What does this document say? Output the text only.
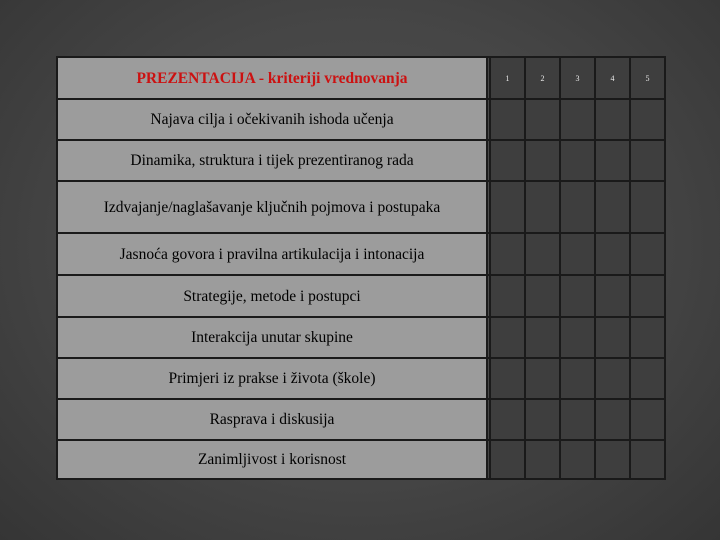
PREZENTACIJA - kriteriji vrednovanja		1	2	3	4	5
Najava cilja i očekivanih ishoda učenja						
Dinamika, struktura i tijek prezentiranog rada						
Izdvajanje/naglašavanje ključnih pojmova i postupaka						
Jasnoća govora i pravilna artikulacija i intonacija						
Strategije, metode i postupci						
Interakcija unutar skupine						
Primjeri iz prakse i života (škole)						
Rasprava i diskusija						
Zanimljivost i korisnost						
